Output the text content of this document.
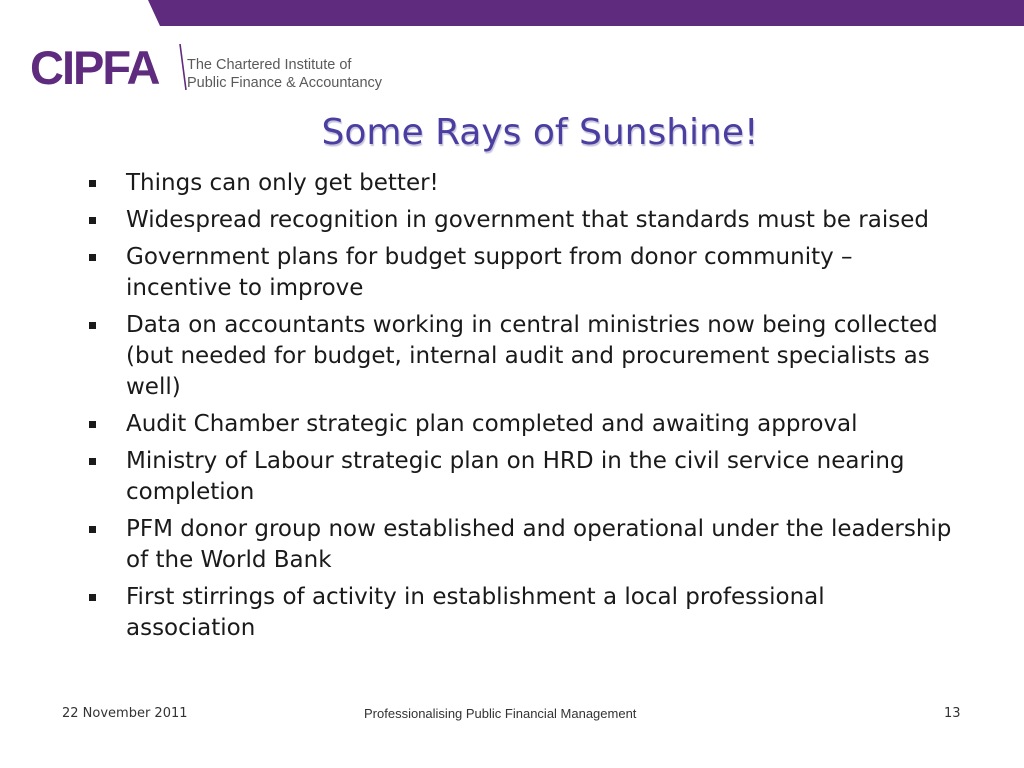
CIPFA The Chartered Institute of
Public Finance & Accountancy
Some Rays of Sunshine!
Things can only get better!
Widespread recognition in government that standards must be raised
Government plans for budget support from donor community – incentive to improve
Data on accountants working in central ministries now being collected (but needed for budget, internal audit and procurement specialists as well)
Audit Chamber strategic plan completed and awaiting approval
Ministry of Labour strategic plan on HRD in the civil service nearing completion
PFM donor group now established and operational under the leadership of the World Bank
First stirrings of activity in establishment a local professional association
22 November 2011	Professionalising Public Financial Management	13
